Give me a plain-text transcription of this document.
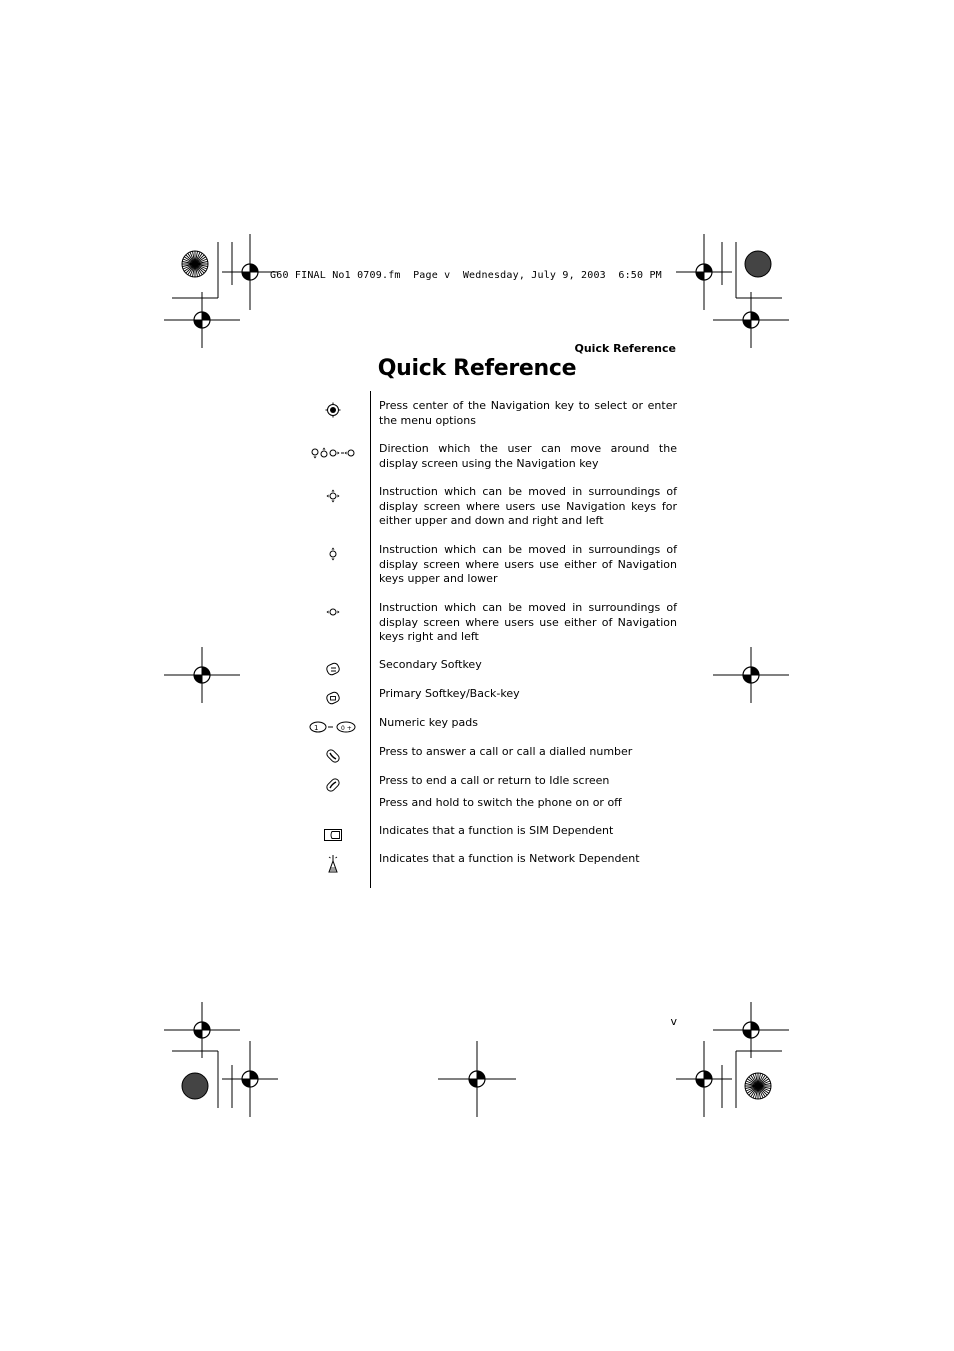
G60 FINAL No1 0709.fm  Page v  Wednesday, July 9, 2003  6:50 PM
Quick Reference
Quick Reference
Press center of the Navigation key to select or enter the menu options
Direction which the user can move around the display screen using the Navigation key
Instruction which can be moved in surroundings of display screen where users use Navigation keys for either upper and down and right and left
Instruction which can be moved in surroundings of display screen where users use either of Navigation keys upper and lower
Instruction which can be moved in surroundings of display screen where users use either of Navigation keys right and left
Secondary Softkey
Primary Softkey/Back-key
1	0 + Numeric key pads
Press to answer a call or call a dialled number
Press to end a call or return to Idle screen
Press and hold to switch the phone on or off
Indicates that a function is SIM Dependent
Indicates that a function is Network Dependent
v
